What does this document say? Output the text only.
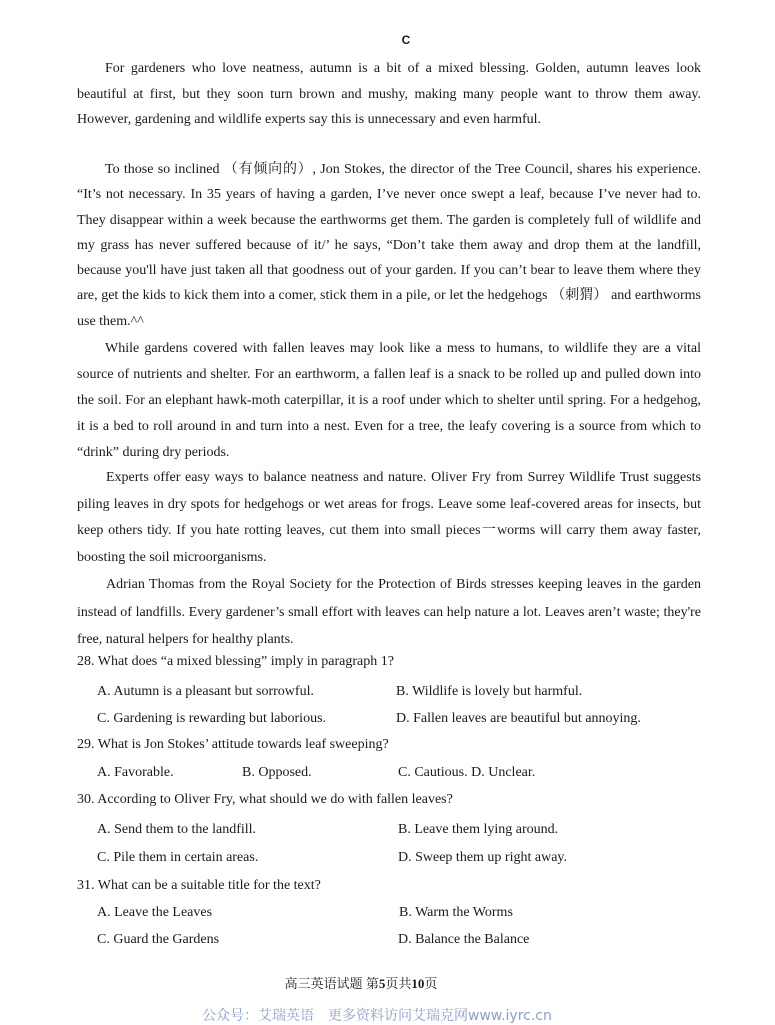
C

For gardeners who love neatness, autumn is a bit of a mixed blessing. Golden, autumn leaves look beautiful at first, but they soon turn brown and mushy, making many people want to throw them away. However, gardening and wildlife experts say this is unnecessary and even harmful.

To those so inclined （有倾向的）, Jon Stokes, the director of the Tree Council, shares his experience. “It’s not necessary. In 35 years of having a garden, I’ve never once swept a leaf, because I’ve never had to. They disappear within a week because the earthworms get them. The garden is completely full of wildlife and my grass has never suffered because of it/’ he says, “Don’t take them away and drop them at the landfill, because you'll have just taken all that goodness out of your garden. If you can’t bear to leave them where they are, get the kids to kick them into a comer, stick them in a pile, or let the hedgehogs （刺猬） and earthworms use them.^^

While gardens covered with fallen leaves may look like a mess to humans, to wildlife they are a vital source of nutrients and shelter. For an earthworm, a fallen leaf is a snack to be rolled up and pulled down into the soil. For an elephant hawk-moth caterpillar, it is a roof under which to shelter until spring. For a hedgehog, it is a bed to roll around in and turn into a nest. Even for a tree, the leafy covering is a source from which to “drink” during dry periods.

Experts offer easy ways to balance neatness and nature. Oliver Fry from Surrey Wildlife Trust suggests piling leaves in dry spots for hedgehogs or wet areas for frogs. Leave some leaf-covered areas for insects, but keep others tidy. If you hate rotting leaves, cut them into small pieces一worms will carry them away faster, boosting the soil microorganisms.

Adrian Thomas from the Royal Society for the Protection of Birds stresses keeping leaves in the garden instead of landfills. Every gardener’s small effort with leaves can help nature a lot. Leaves aren’t waste; they're free, natural helpers for healthy plants.

28. What does “a mixed blessing” imply in paragraph 1?

A. Autumn is a pleasant but sorrowful.	B. Wildlife is lovely but harmful.

C. Gardening is rewarding but laborious.	D. Fallen leaves are beautiful but annoying.

29. What is Jon Stokes’ attitude towards leaf sweeping?

A. Favorable.	B. Opposed.	C. Cautious. D. Unclear.

30. According to Oliver Fry, what should we do with fallen leaves?

A. Send them to the landfill.	B. Leave them lying around.

C. Pile them in certain areas.	D. Sweep them up right away.

31. What can be a suitable title for the text?

A. Leave the Leaves	B. Warm the Worms

C. Guard the Gardens	D. Balance the Balance

高三英语试题 第5页共10页
公众号：艾瑞英语　更多资料访问艾瑞克网www.iyrc.cn
